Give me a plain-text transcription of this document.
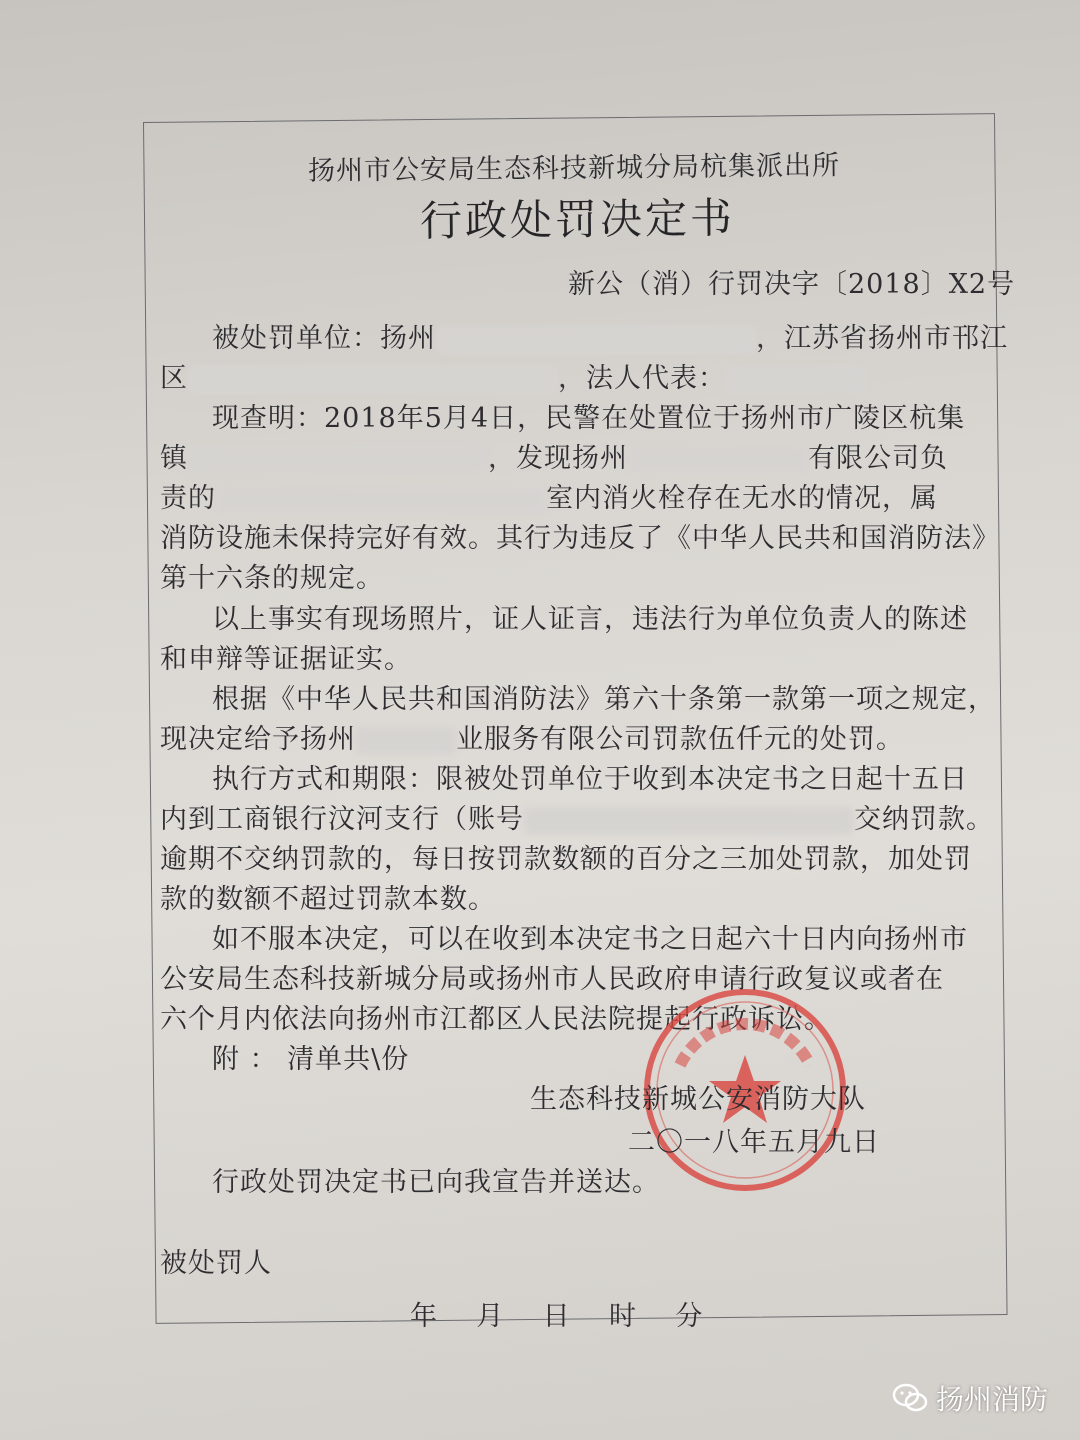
扬州市公安局生态科技新城分局杭集派出所
行政处罚决定书
新公（消）行罚决字〔2018〕X2号
被处罚单位：扬州	，江苏省扬州市邗江
区	，法人代表：
现查明：2018年5月4日，民警在处置位于扬州市广陵区杭集
镇	，发现扬州	有限公司负
责的	室内消火栓存在无水的情况，属
消防设施未保持完好有效。其行为违反了《中华人民共和国消防法》
第十六条的规定。
以上事实有现场照片，证人证言，违法行为单位负责人的陈述
和申辩等证据证实。
根据《中华人民共和国消防法》第六十条第一款第一项之规定，
现决定给予扬州	业服务有限公司罚款伍仟元的处罚。
执行方式和期限：限被处罚单位于收到本决定书之日起十五日
内到工商银行汶河支行（账号	交纳罚款。
逾期不交纳罚款的，每日按罚款数额的百分之三加处罚款，加处罚
款的数额不超过罚款本数。
如不服本决定，可以在收到本决定书之日起六十日内向扬州市
公安局生态科技新城分局或扬州市人民政府申请行政复议或者在
六个月内依法向扬州市江都区人民法院提起行政诉讼。
附 ： 清单共\份
生态科技新城公安消防大队
二〇一八年五月九日
行政处罚决定书已向我宣告并送达。
被处罚人
年    月    日    时    分
扬州消防
